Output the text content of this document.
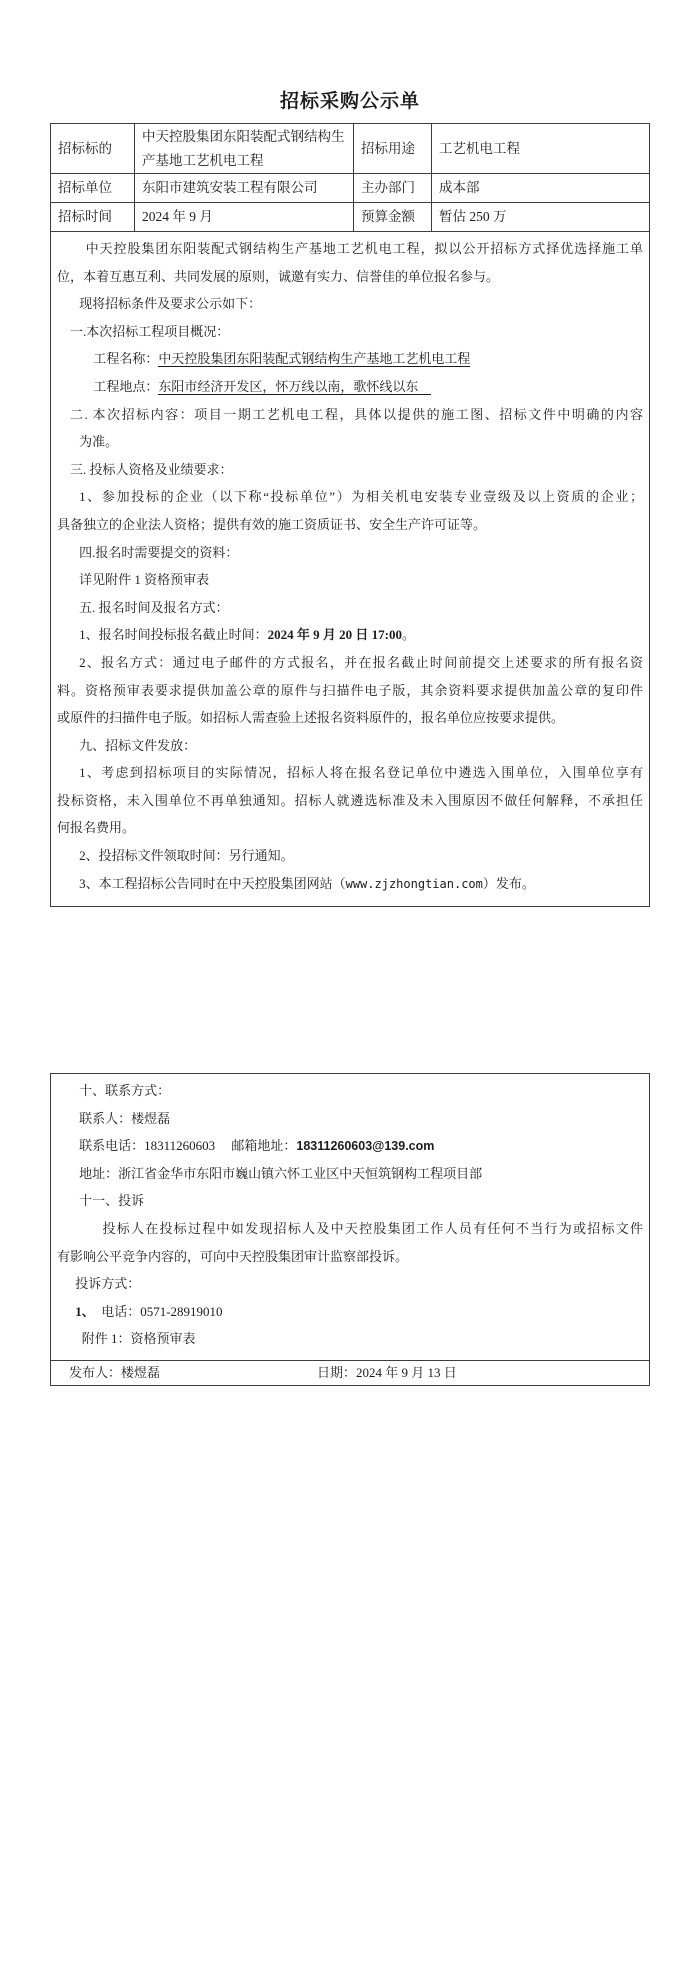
招标采购公示单
招标标的	中天控股集团东阳装配式钢结构生产基地工艺机电工程	招标用途	工艺机电工程
招标单位	东阳市建筑安装工程有限公司	主办部门	成本部
招标时间	2024 年 9 月	预算金额	暂估 250 万

中天控股集团东阳装配式钢结构生产基地工艺机电工程，拟以公开招标方式择优选择施工单
位，本着互惠互利、共同发展的原则，诚邀有实力、信誉佳的单位报名参与。
现将招标条件及要求公示如下：
一.本次招标工程项目概况：
工程名称：中天控股集团东阳装配式钢结构生产基地工艺机电工程
工程地点：东阳市经济开发区，怀万线以南，歌怀线以东　
二. 本次招标内容：项目一期工艺机电工程，具体以提供的施工图、招标文件中明确的内容
为准。
三. 投标人资格及业绩要求：
1、参加投标的企业（以下称“投标单位”）为相关机电安装专业壹级及以上资质的企业；
具备独立的企业法人资格；提供有效的施工资质证书、安全生产许可证等。
四.报名时需要提交的资料：
详见附件 1 资格预审表
五. 报名时间及报名方式：
1、报名时间投标报名截止时间：2024 年 9 月 20 日 17:00。
2、报名方式：通过电子邮件的方式报名，并在报名截止时间前提交上述要求的所有报名资
料。资格预审表要求提供加盖公章的原件与扫描件电子版，其余资料要求提供加盖公章的复印件
或原件的扫描件电子版。如招标人需查验上述报名资料原件的，报名单位应按要求提供。
九、招标文件发放：
1、考虑到招标项目的实际情况，招标人将在报名登记单位中遴选入围单位，入围单位享有
投标资格，未入围单位不再单独通知。招标人就遴选标准及未入围原因不做任何解释，不承担任
何报名费用。
2、投招标文件领取时间：另行通知。
3、本工程招标公告同时在中天控股集团网站（www.zjzhongtian.com）发布。
十、联系方式：
联系人：楼煜磊
联系电话：18311260603　 邮箱地址：18311260603@139.com
地址：浙江省金华市东阳市巍山镇六怀工业区中天恒筑钢构工程项目部
十一、投诉
投标人在投标过程中如发现招标人及中天控股集团工作人员有任何不当行为或招标文件
有影响公平竞争内容的，可向中天控股集团审计监察部投诉。
投诉方式：
1、　电话：0571-28919010
附件 1：资格预审表

发布人：楼煜磊	日期：2024 年 9 月 13 日
